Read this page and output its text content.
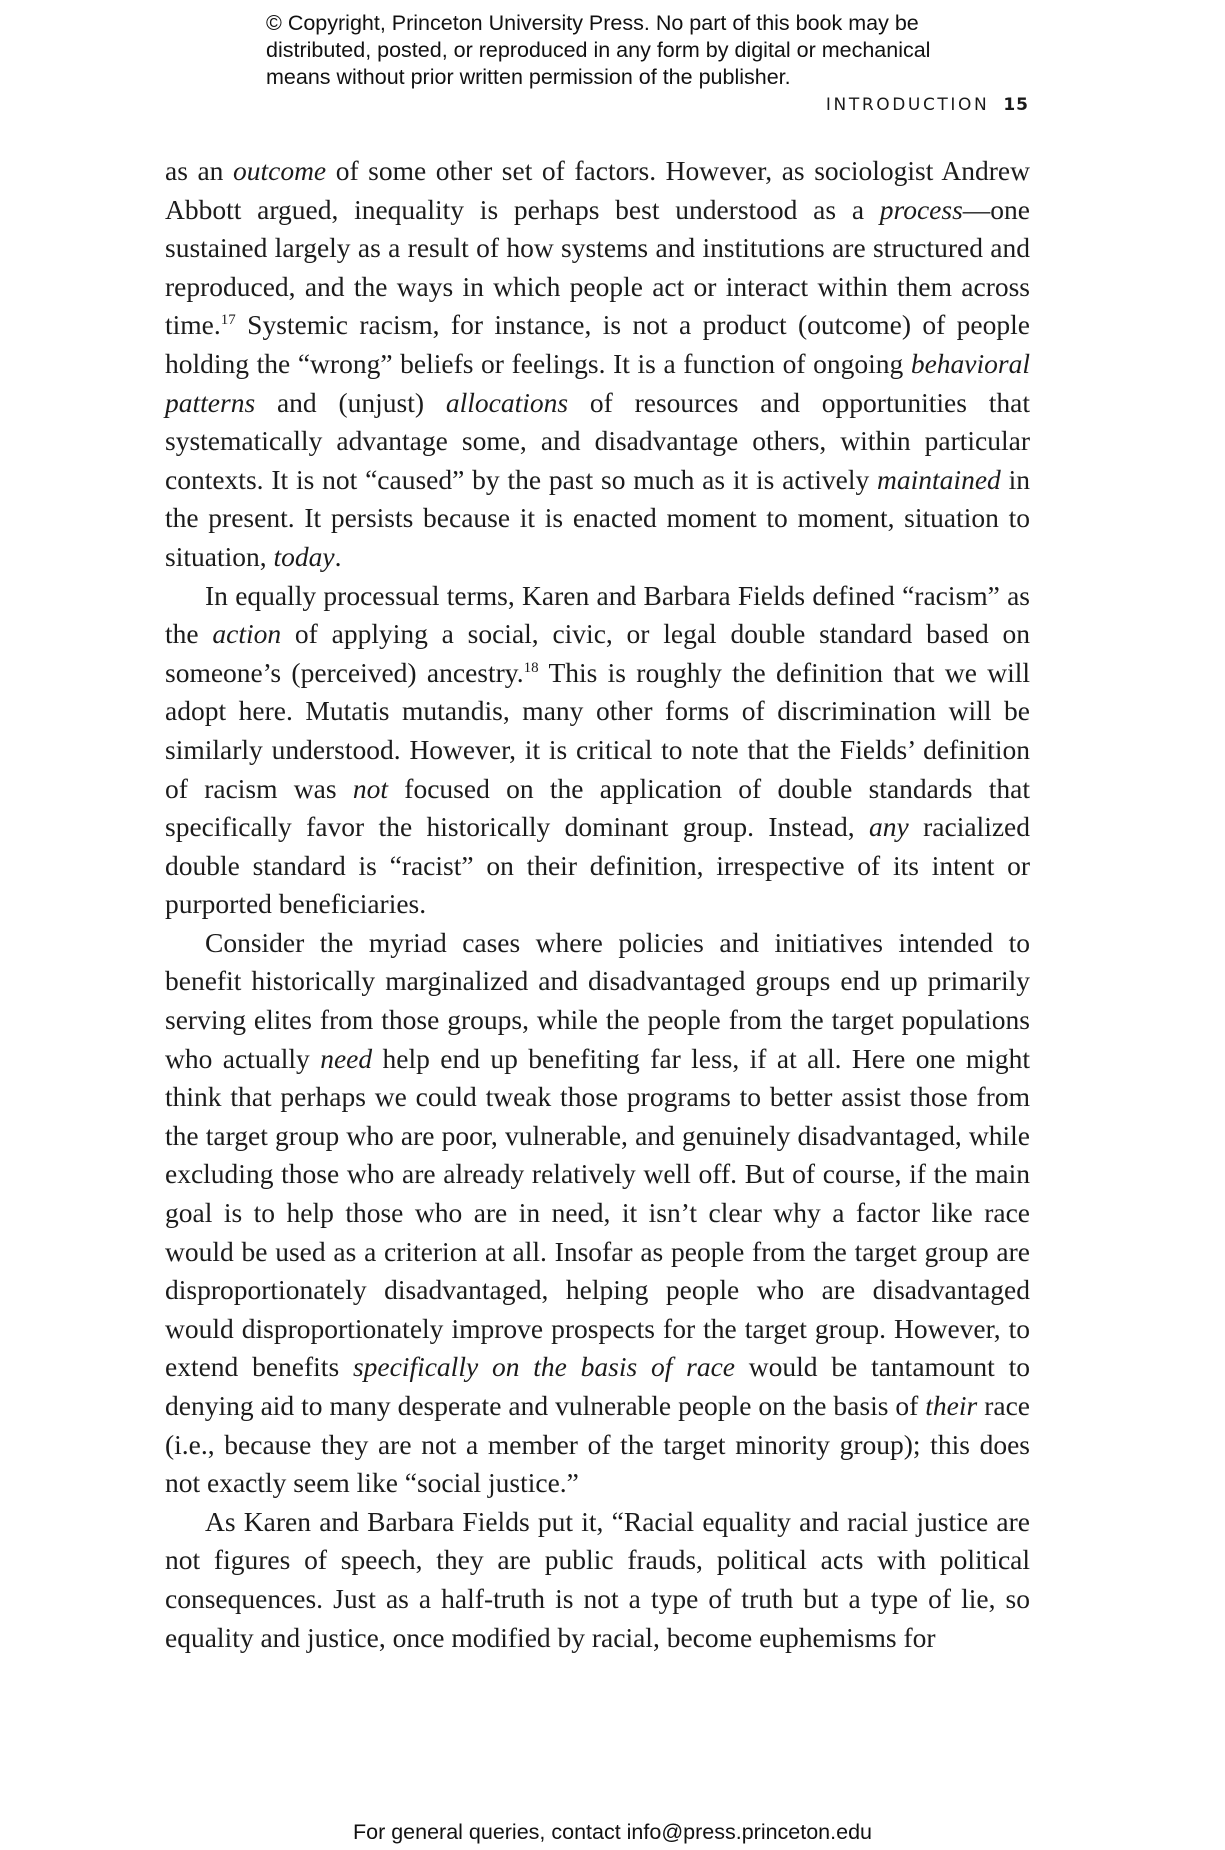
© Copyright, Princeton University Press. No part of this book may be
distributed, posted, or reproduced in any form by digital or mechanical
means without prior written permission of the publisher.
INTRODUCTION 15

as an outcome of some other set of factors. However, as sociologist Andrew Abbott argued, inequality is perhaps best understood as a process—one sustained largely as a result of how systems and institutions are structured and reproduced, and the ways in which people act or interact within them across time.$^{17}$ Systemic racism, for instance, is not a product (outcome) of people holding the “wrong” beliefs or feelings. It is a function of ongoing behavioral patterns and (unjust) allocations of resources and opportunities that systematically advantage some, and disadvantage others, within particular contexts. It is not “caused” by the past so much as it is actively maintained in the present. It persists because it is enacted moment to moment, situation to situation, today.

In equally processual terms, Karen and Barbara Fields defined “racism” as the action of applying a social, civic, or legal double standard based on someone’s (perceived) ancestry.$^{18}$ This is roughly the definition that we will adopt here. Mutatis mutandis, many other forms of discrimination will be similarly understood. However, it is critical to note that the Fields’ definition of racism was not focused on the application of double standards that specifically favor the historically dominant group. Instead, any racialized double standard is “racist” on their definition, irrespective of its intent or purported beneficiaries.

Consider the myriad cases where policies and initiatives intended to benefit historically marginalized and disadvantaged groups end up primarily serving elites from those groups, while the people from the target populations who actually need help end up benefiting far less, if at all. Here one might think that perhaps we could tweak those programs to better assist those from the target group who are poor, vulnerable, and genuinely disadvantaged, while excluding those who are already relatively well off. But of course, if the main goal is to help those who are in need, it isn’t clear why a factor like race would be used as a criterion at all. Insofar as people from the target group are disproportionately disadvantaged, helping people who are disadvantaged would disproportionately improve prospects for the target group. However, to extend benefits specifically on the basis of race would be tantamount to denying aid to many desperate and vulnerable people on the basis of their race (i.e., because they are not a member of the target minority group); this does not exactly seem like “social justice.”

As Karen and Barbara Fields put it, “Racial equality and racial justice are not figures of speech, they are public frauds, political acts with political consequences. Just as a half-truth is not a type of truth but a type of lie, so equality and justice, once modified by racial, become euphemisms for

For general queries, contact info@press.princeton.edu
